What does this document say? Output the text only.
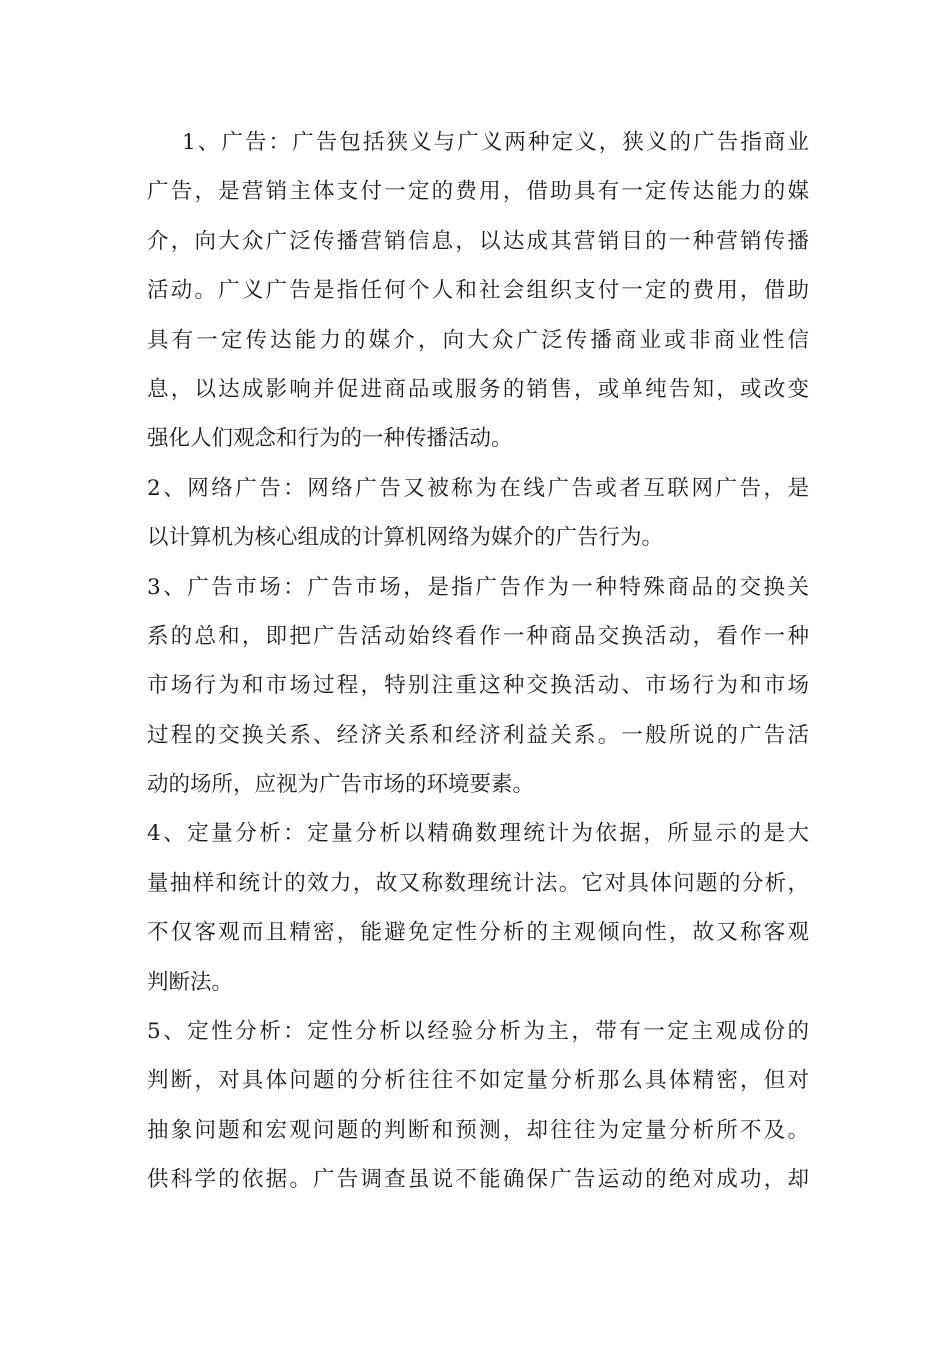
1、广告：广告包括狭义与广义两种定义，狭义的广告指商业
广告，是营销主体支付一定的费用，借助具有一定传达能力的媒
介，向大众广泛传播营销信息，以达成其营销目的一种营销传播
活动。广义广告是指任何个人和社会组织支付一定的费用，借助
具有一定传达能力的媒介，向大众广泛传播商业或非商业性信
息，以达成影响并促进商品或服务的销售，或单纯告知，或改变
强化人们观念和行为的一种传播活动。
2、网络广告：网络广告又被称为在线广告或者互联网广告，是
以计算机为核心组成的计算机网络为媒介的广告行为。
3、广告市场：广告市场，是指广告作为一种特殊商品的交换关
系的总和，即把广告活动始终看作一种商品交换活动，看作一种
市场行为和市场过程，特别注重这种交换活动、市场行为和市场
过程的交换关系、经济关系和经济利益关系。一般所说的广告活
动的场所，应视为广告市场的环境要素。
4、定量分析：定量分析以精确数理统计为依据，所显示的是大
量抽样和统计的效力，故又称数理统计法。它对具体问题的分析，
不仅客观而且精密，能避免定性分析的主观倾向性，故又称客观
判断法。
5、定性分析：定性分析以经验分析为主，带有一定主观成份的
判断，对具体问题的分析往往不如定量分析那么具体精密，但对
抽象问题和宏观问题的判断和预测，却往往为定量分析所不及。
供科学的依据。广告调查虽说不能确保广告运动的绝对成功，却
